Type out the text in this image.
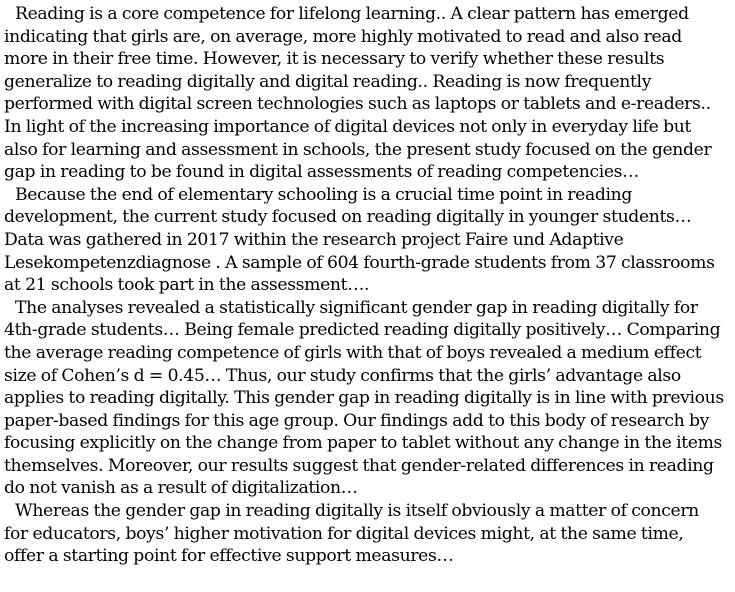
Reading is a core competence for lifelong learning.. A clear pattern has emerged indicating that girls are, on average, more highly motivated to read and also read more in their free time. However, it is necessary to verify whether these results generalize to reading digitally and digital reading.. Reading is now frequently performed with digital screen technologies such as laptops or tablets and e-readers.. In light of the increasing importance of digital devices not only in everyday life but also for learning and assessment in schools, the present study focused on the gender gap in reading to be found in digital assessments of reading competencies…

Because the end of elementary schooling is a crucial time point in reading development, the current study focused on reading digitally in younger students… Data was gathered in 2017 within the research project Faire und Adaptive Lesekompetenzdiagnose . A sample of 604 fourth-grade students from 37 classrooms at 21 schools took part in the assessment….

The analyses revealed a statistically significant gender gap in reading digitally for 4th-grade students… Being female predicted reading digitally positively… Comparing the average reading competence of girls with that of boys revealed a medium effect size of Cohen’s d = 0.45… Thus, our study confirms that the girls’ advantage also applies to reading digitally. This gender gap in reading digitally is in line with previous paper-based findings for this age group. Our findings add to this body of research by focusing explicitly on the change from paper to tablet without any change in the items themselves. Moreover, our results suggest that gender-related differences in reading do not vanish as a result of digitalization…

Whereas the gender gap in reading digitally is itself obviously a matter of concern for educators, boys’ higher motivation for digital devices might, at the same time, offer a starting point for effective support measures…
